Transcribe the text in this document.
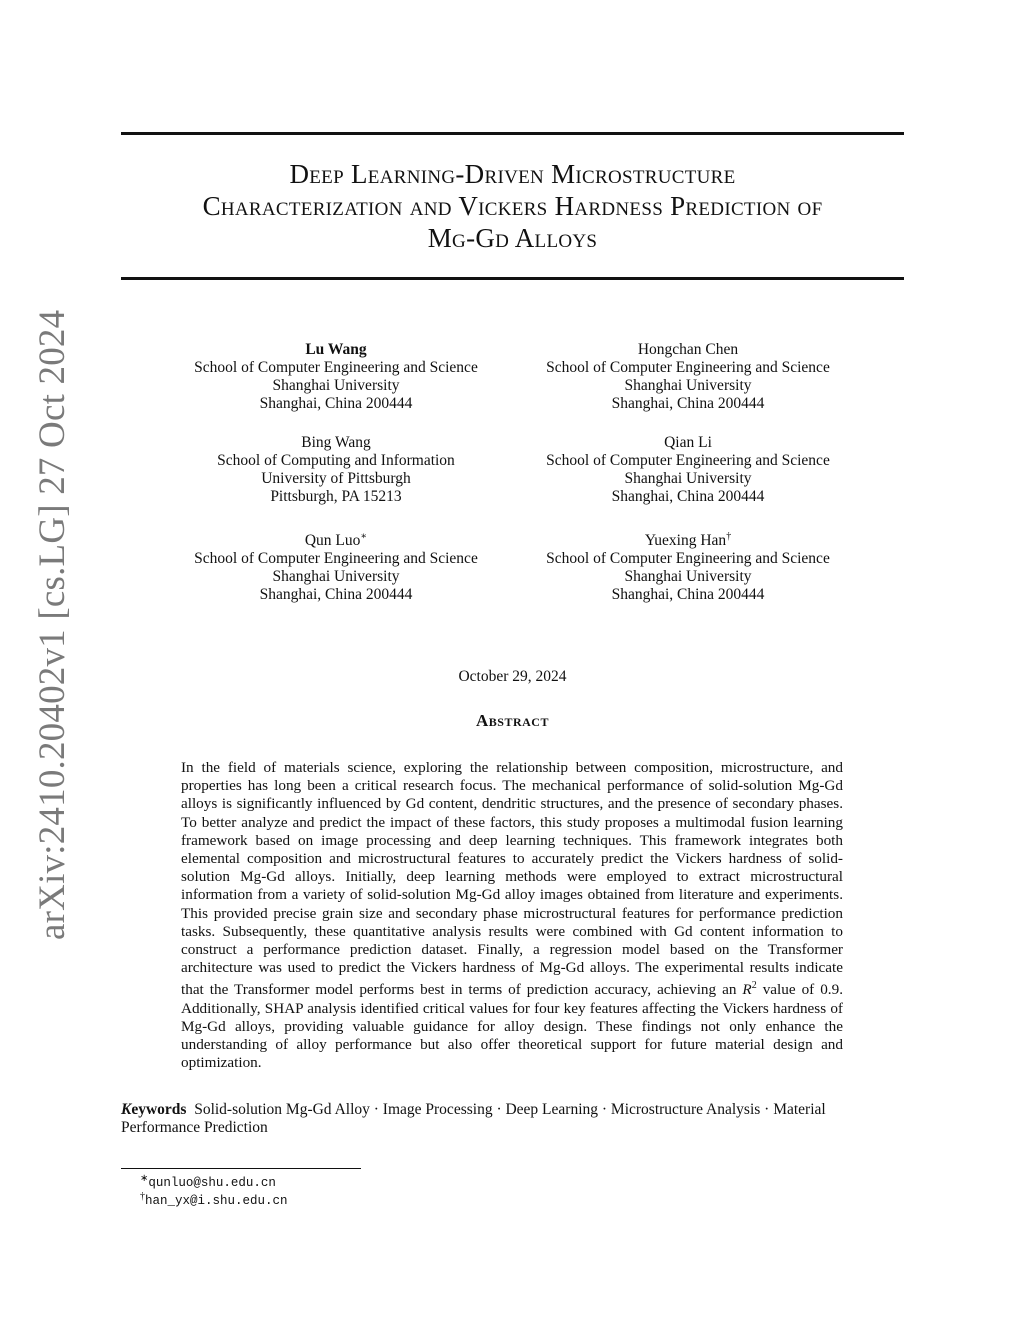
arXiv:2410.20402v1 [cs.LG] 27 Oct 2024
Deep Learning-Driven Microstructure
Characterization and Vickers Hardness Prediction of
Mg-Gd Alloys
Lu Wang
School of Computer Engineering and Science
Shanghai University
Shanghai, China 200444
Hongchan Chen
School of Computer Engineering and Science
Shanghai University
Shanghai, China 200444
Bing Wang
School of Computing and Information
University of Pittsburgh
Pittsburgh, PA 15213
Qian Li
School of Computer Engineering and Science
Shanghai University
Shanghai, China 200444
Qun Luo∗
School of Computer Engineering and Science
Shanghai University
Shanghai, China 200444
Yuexing Han†
School of Computer Engineering and Science
Shanghai University
Shanghai, China 200444
October 29, 2024
Abstract
In the field of materials science, exploring the relationship between composition, microstructure, and properties has long been a critical research focus. The mechanical performance of solid-solution Mg-Gd alloys is significantly influenced by Gd content, dendritic structures, and the presence of secondary phases. To better analyze and predict the impact of these factors, this study proposes a multimodal fusion learning framework based on image processing and deep learning techniques. This framework integrates both elemental composition and microstructural features to accurately predict the Vickers hardness of solid-solution Mg-Gd alloys. Initially, deep learning methods were employed to extract microstructural information from a variety of solid-solution Mg-Gd alloy images obtained from literature and experiments. This provided precise grain size and secondary phase microstructural features for performance prediction tasks. Subsequently, these quantitative analysis results were combined with Gd content information to construct a performance prediction dataset. Finally, a regression model based on the Transformer architecture was used to predict the Vickers hardness of Mg-Gd alloys. The experimental results indicate that the Transformer model performs best in terms of prediction accuracy, achieving an $R^2$ value of 0.9. Additionally, SHAP analysis identified critical values for four key features affecting the Vickers hardness of Mg-Gd alloys, providing valuable guidance for alloy design. These findings not only enhance the understanding of alloy performance but also offer theoretical support for future material design and optimization.
Keywords Solid-solution Mg-Gd Alloy · Image Processing · Deep Learning · Microstructure Analysis · Material Performance Prediction
∗qunluo@shu.edu.cn
†han_yx@i.shu.edu.cn
